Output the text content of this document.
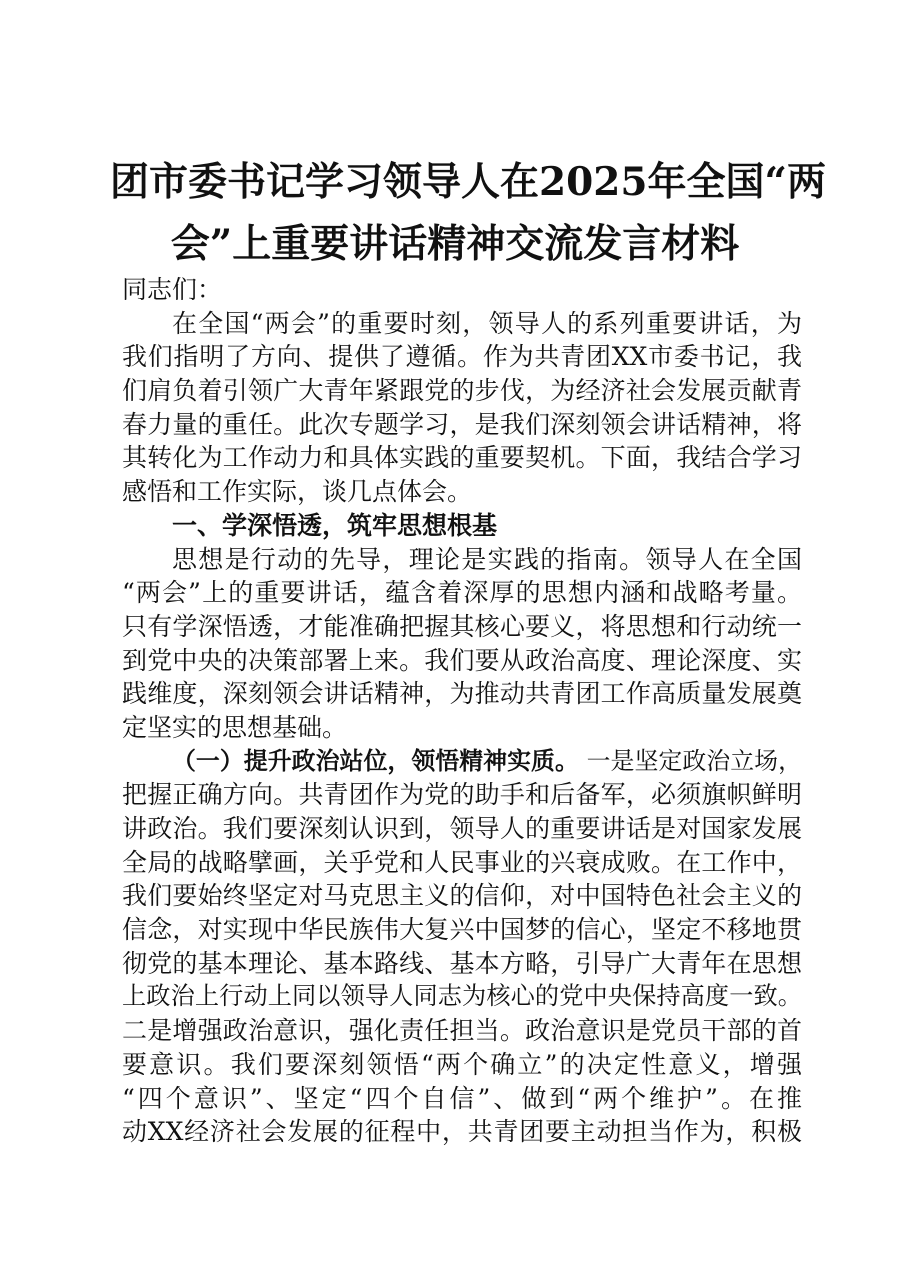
团市委书记学习领导人在2025年全国“两
会”上重要讲话精神交流发言材料
同志们：
在全国“两会”的重要时刻，领导人的系列重要讲话，为
我们指明了方向、提供了遵循。作为共青团XX市委书记，我
们肩负着引领广大青年紧跟党的步伐，为经济社会发展贡献青
春力量的重任。此次专题学习，是我们深刻领会讲话精神，将
其转化为工作动力和具体实践的重要契机。下面，我结合学习
感悟和工作实际，谈几点体会。
一、学深悟透，筑牢思想根基
思想是行动的先导，理论是实践的指南。领导人在全国
“两会”上的重要讲话，蕴含着深厚的思想内涵和战略考量。
只有学深悟透，才能准确把握其核心要义，将思想和行动统一
到党中央的决策部署上来。我们要从政治高度、理论深度、实
践维度，深刻领会讲话精神，为推动共青团工作高质量发展奠
定坚实的思想基础。
（一）提升政治站位，领悟精神实质。 一是坚定政治立场，
把握正确方向。共青团作为党的助手和后备军，必须旗帜鲜明
讲政治。我们要深刻认识到，领导人的重要讲话是对国家发展
全局的战略擘画，关乎党和人民事业的兴衰成败。在工作中，
我们要始终坚定对马克思主义的信仰，对中国特色社会主义的
信念，对实现中华民族伟大复兴中国梦的信心，坚定不移地贯
彻党的基本理论、基本路线、基本方略，引导广大青年在思想
上政治上行动上同以领导人同志为核心的党中央保持高度一致。
二是增强政治意识，强化责任担当。政治意识是党员干部的首
要意识。我们要深刻领悟“两个确立”的决定性意义，增强
“四个意识”、坚定“四个自信”、做到“两个维护”。在推
动XX经济社会发展的征程中，共青团要主动担当作为，积极
